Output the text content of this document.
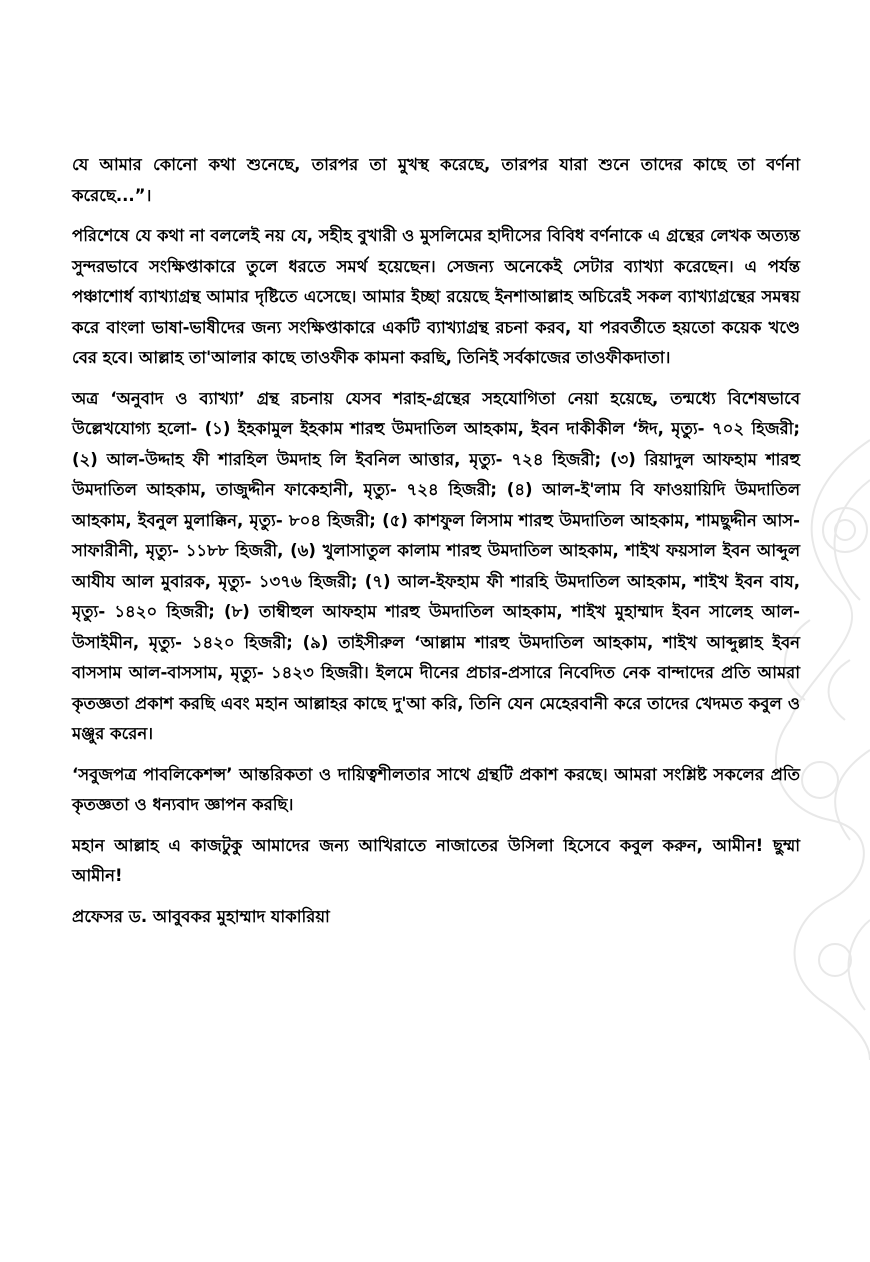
যে আমার কোনো কথা শুনেছে, তারপর তা মুখস্থ করেছে, তারপর যারা শুনে তাদের কাছে তা বর্ণনা করেছে...”।

পরিশেষে যে কথা না বললেই নয় যে, সহীহ বুখারী ও মুসলিমের হাদীসের বিবিধ বর্ণনাকে এ গ্রন্থের লেখক অত্যন্ত সুন্দরভাবে সংক্ষিপ্তাকারে তুলে ধরতে সমর্থ হয়েছেন। সেজন্য অনেকেই সেটার ব্যাখ্যা করেছেন। এ পর্যন্ত পঞ্চাশোর্ধ ব্যাখ্যাগ্রন্থ আমার দৃষ্টিতে এসেছে। আমার ইচ্ছা রয়েছে ইনশাআল্লাহ অচিরেই সকল ব্যাখ্যাগ্রন্থের সমন্বয় করে বাংলা ভাষা-ভাষীদের জন্য সংক্ষিপ্তাকারে একটি ব্যাখ্যাগ্রন্থ রচনা করব, যা পরবর্তীতে হয়তো কয়েক খণ্ডে বের হবে। আল্লাহ তা'আলার কাছে তাওফীক কামনা করছি, তিনিই সর্বকাজের তাওফীকদাতা।

অত্র ‘অনুবাদ ও ব্যাখ্যা’ গ্রন্থ রচনায় যেসব শরাহ-গ্রন্থের সহযোগিতা নেয়া হয়েছে, তন্মধ্যে বিশেষভাবে উল্লেখযোগ্য হলো- (১) ইহকামুল ইহকাম শারহু উমদাতিল আহকাম, ইবন দাকীকীল ‘ঈদ, মৃত্যু- ৭০২ হিজরী; (২) আল-উদ্দাহ ফী শারহিল উমদাহ লি ইবনিল আত্তার, মৃত্যু- ৭২৪ হিজরী; (৩) রিয়াদুল আফহাম শারহু উমদাতিল আহকাম, তাজুদ্দীন ফাকেহানী, মৃত্যু- ৭২৪ হিজরী; (৪) আল-ই'লাম বি ফাওয়ায়িদি উমদাতিল আহকাম, ইবনুল মুলাক্কিন, মৃত্যু- ৮০৪ হিজরী; (৫) কাশফুল লিসাম শারহু উমদাতিল আহকাম, শামছুদ্দীন আস-সাফারীনী, মৃত্যু- ১১৮৮ হিজরী, (৬) খুলাসাতুল কালাম শারহু উমদাতিল আহকাম, শাইখ ফয়সাল ইবন আব্দুল আযীয আল মুবারক, মৃত্যু- ১৩৭৬ হিজরী; (৭) আল-ইফহাম ফী শারহি উমদাতিল আহকাম, শাইখ ইবন বায, মৃত্যু- ১৪২০ হিজরী; (৮) তাম্বীহুল আফহাম শারহু উমদাতিল আহকাম, শাইখ মুহাম্মাদ ইবন সালেহ আল-উসাইমীন, মৃত্যু- ১৪২০ হিজরী; (৯) তাইসীরুল ‘আল্লাম শারহু উমদাতিল আহকাম, শাইখ আব্দুল্লাহ ইবন বাসসাম আল-বাসসাম, মৃত্যু- ১৪২৩ হিজরী। ইলমে দীনের প্রচার-প্রসারে নিবেদিত নেক বান্দাদের প্রতি আমরা কৃতজ্ঞতা প্রকাশ করছি এবং মহান আল্লাহর কাছে দু'আ করি, তিনি যেন মেহেরবানী করে তাদের খেদমত কবুল ও মঞ্জুর করেন।

‘সবুজপত্র পাবলিকেশন্স’ আন্তরিকতা ও দায়িত্বশীলতার সাথে গ্রন্থটি প্রকাশ করছে। আমরা সংশ্লিষ্ট সকলের প্রতি কৃতজ্ঞতা ও ধন্যবাদ জ্ঞাপন করছি।

মহান আল্লাহ এ কাজটুকু আমাদের জন্য আখিরাতে নাজাতের উসিলা হিসেবে কবুল করুন, আমীন! ছুম্মা আমীন!

প্রফেসর ড. আবুবকর মুহাম্মাদ যাকারিয়া
